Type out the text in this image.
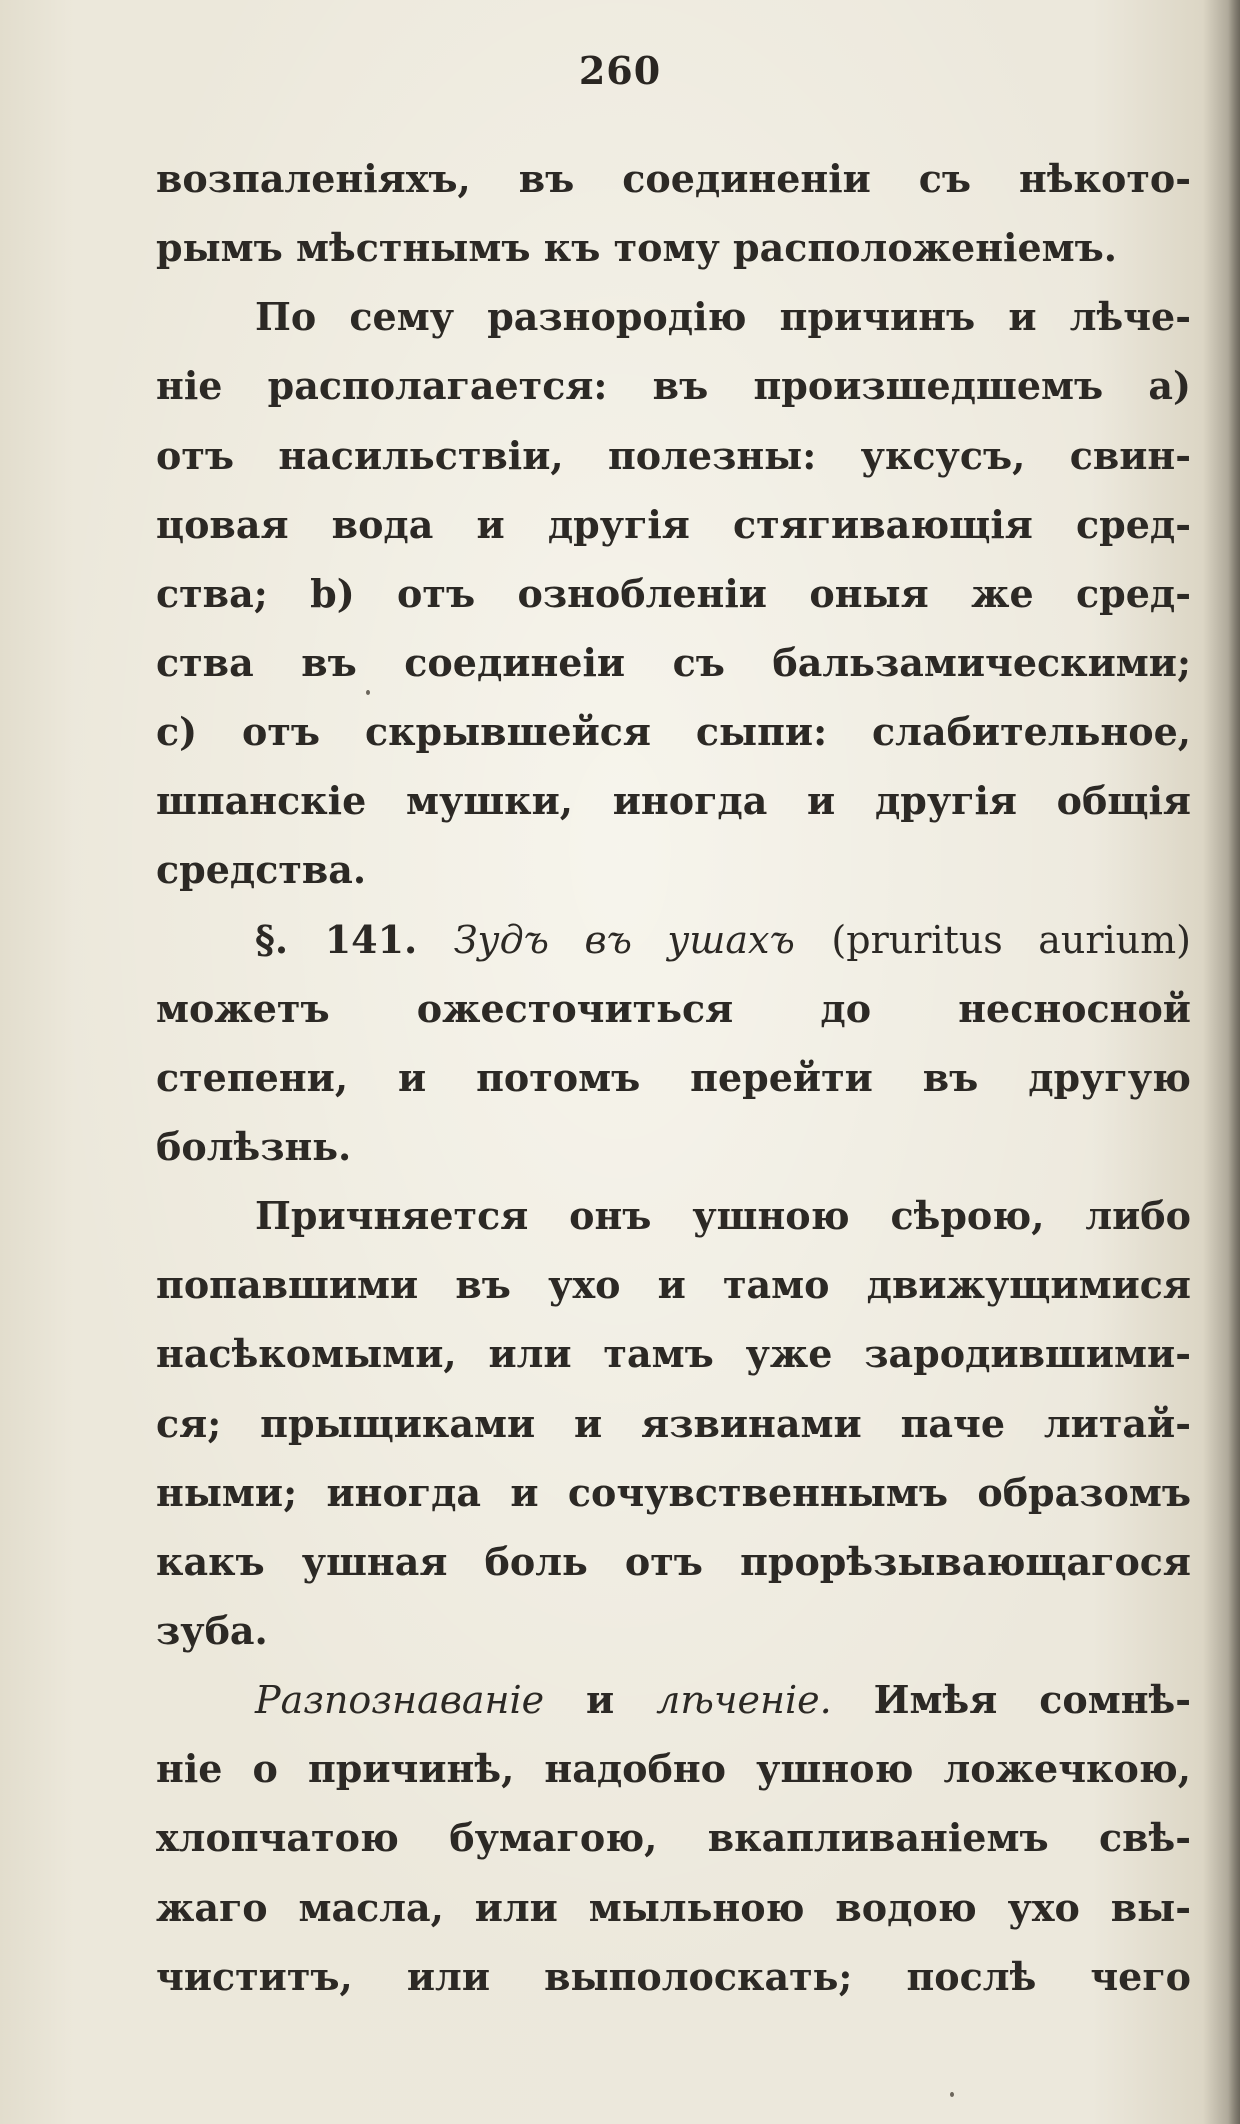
260
возпаленiяхъ, въ соединенiи съ нѣкото-
рымъ мѣстнымъ къ тому расположенiемъ.
По сему разнородiю причинъ и лѣче-
нiе располагается: въ произшедшемъ а)
отъ насильствiи, полезны: уксусъ, свин-
цовая вода и другiя стягивающiя сред-
ства; b) отъ ознобленiи оныя же сред-
ства въ соединеiи съ бальзамическими;
с) отъ скрывшейся сыпи: слабительное,
шпанскiе мушки, иногда и другiя общiя
средства.
§. 141. Зудъ въ ушахъ (pruritus aurium)
можетъ ожесточиться до несносной
степени, и потомъ перейти въ другую
болѣзнь.
Причняется онъ ушною сѣрою, либо
попавшими въ ухо и тамо движущимися
насѣкомыми, или тамъ уже зародившими-
ся; прыщиками и язвинами паче литай-
ными; иногда и сочувственнымъ образомъ
какъ ушная боль отъ прорѣзывающагося
зуба.
Разпознаванiе и лѣченiе. Имѣя сомнѣ-
нiе о причинѣ, надобно ушною ложечкою,
хлопчатою бумагою, вкапливанiемъ свѣ-
жаго масла, или мыльною водою ухо вы-
чиститъ, или выполоскать; послѣ чего
